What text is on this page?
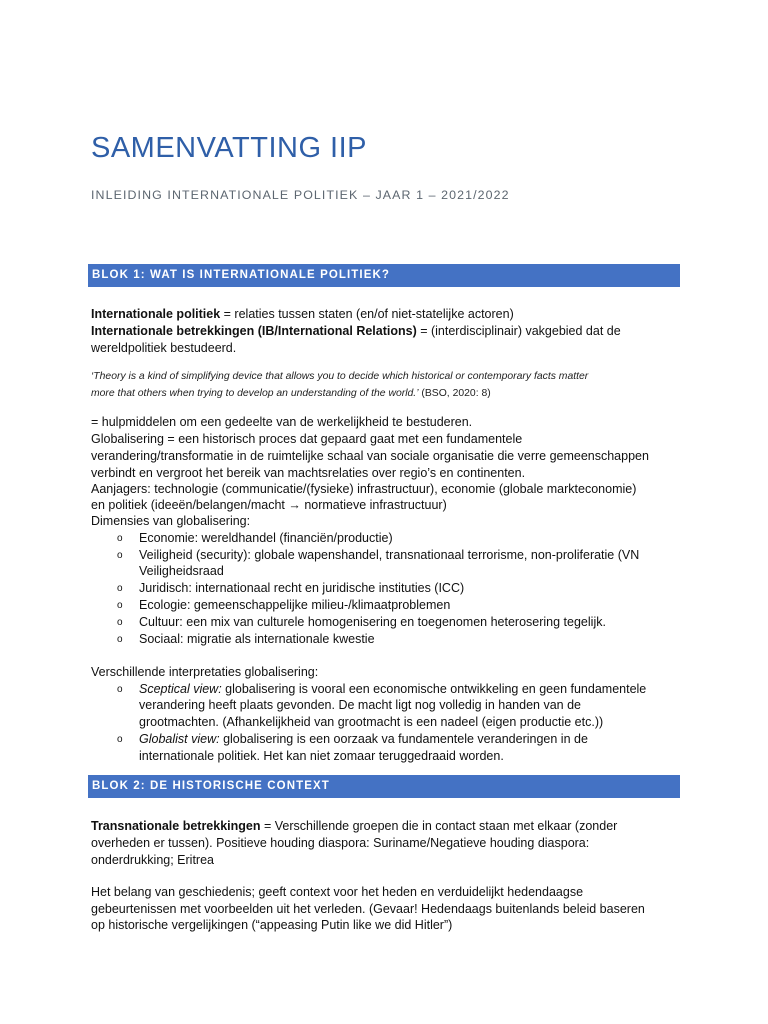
SAMENVATTING IIP
INLEIDING INTERNATIONALE POLITIEK – JAAR 1 – 2021/2022
BLOK 1: WAT IS INTERNATIONALE POLITIEK?
Internationale politiek = relaties tussen staten (en/of niet-statelijke actoren)
Internationale betrekkingen (IB/International Relations) = (interdisciplinair) vakgebied dat de
wereldpolitiek bestudeerd.
‘Theory is a kind of simplifying device that allows you to decide which historical or contemporary facts matter
more that others when trying to develop an understanding of the world.’ (BSO, 2020: 8)
= hulpmiddelen om een gedeelte van de werkelijkheid te bestuderen.
Globalisering = een historisch proces dat gepaard gaat met een fundamentele
verandering/transformatie in de ruimtelijke schaal van sociale organisatie die verre gemeenschappen
verbindt en vergroot het bereik van machtsrelaties over regio’s en continenten.
Aanjagers: technologie (communicatie/(fysieke) infrastructuur), economie (globale markteconomie)
en politiek (ideeën/belangen/macht → normatieve infrastructuur)
Dimensies van globalisering:
o Economie: wereldhandel (financiën/productie)
o Veiligheid (security): globale wapenshandel, transnationaal terrorisme, non-proliferatie (VN
Veiligheidsraad
o Juridisch: internationaal recht en juridische instituties (ICC)
o Ecologie: gemeenschappelijke milieu-/klimaatproblemen
o Cultuur: een mix van culturele homogenisering en toegenomen heterosering tegelijk.
o Sociaal: migratie als internationale kwestie
Verschillende interpretaties globalisering:
o Sceptical view: globalisering is vooral een economische ontwikkeling en geen fundamentele
verandering heeft plaats gevonden. De macht ligt nog volledig in handen van de
grootmachten. (Afhankelijkheid van grootmacht is een nadeel (eigen productie etc.))
o Globalist view: globalisering is een oorzaak va fundamentele veranderingen in de
internationale politiek. Het kan niet zomaar teruggedraaid worden.
BLOK 2: DE HISTORISCHE CONTEXT
Transnationale betrekkingen = Verschillende groepen die in contact staan met elkaar (zonder
overheden er tussen). Positieve houding diaspora: Suriname/Negatieve houding diaspora:
onderdrukking; Eritrea
Het belang van geschiedenis; geeft context voor het heden en verduidelijkt hedendaagse
gebeurtenissen met voorbeelden uit het verleden. (Gevaar! Hedendaags buitenlands beleid baseren
op historische vergelijkingen (“appeasing Putin like we did Hitler”)
